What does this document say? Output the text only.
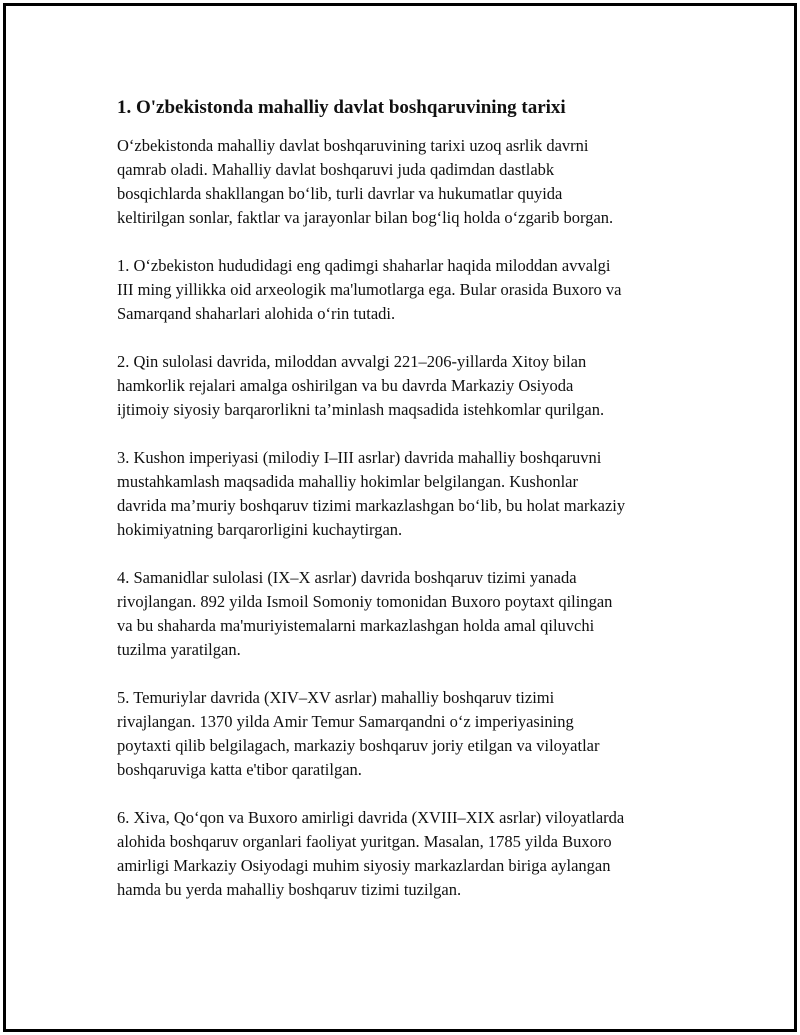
1. O'zbekistonda mahalliy davlat boshqaruvining tarixi

O‘zbekistonda mahalliy davlat boshqaruvining tarixi uzoq asrlik davrni
qamrab oladi. Mahalliy davlat boshqaruvi juda qadimdan dastlabk
bosqichlarda shakllangan bo‘lib, turli davrlar va hukumatlar quyida
keltirilgan sonlar, faktlar va jarayonlar bilan bog‘liq holda o‘zgarib borgan.

1. O‘zbekiston hududidagi eng qadimgi shaharlar haqida miloddan avvalgi
III ming yillikka oid arxeologik ma'lumotlarga ega. Bular orasida Buxoro va
Samarqand shaharlari alohida o‘rin tutadi.

2. Qin sulolasi davrida, miloddan avvalgi 221–206-yillarda Xitoy bilan
hamkorlik rejalari amalga oshirilgan va bu davrda Markaziy Osiyoda
ijtimoiy siyosiy barqarorlikni ta’minlash maqsadida istehkomlar qurilgan.

3. Kushon imperiyasi (milodiy I–III asrlar) davrida mahalliy boshqaruvni
mustahkamlash maqsadida mahalliy hokimlar belgilangan. Kushonlar
davrida ma’muriy boshqaruv tizimi markazlashgan bo‘lib, bu holat markaziy
hokimiyatning barqarorligini kuchaytirgan.

4. Samanidlar sulolasi (IX–X asrlar) davrida boshqaruv tizimi yanada
rivojlangan. 892 yilda Ismoil Somoniy tomonidan Buxoro poytaxt qilingan
va bu shaharda ma'muriyistemalarni markazlashgan holda amal qiluvchi
tuzilma yaratilgan.

5. Temuriylar davrida (XIV–XV asrlar) mahalliy boshqaruv tizimi
rivajlangan. 1370 yilda Amir Temur Samarqandni o‘z imperiyasining
poytaxti qilib belgilagach, markaziy boshqaruv joriy etilgan va viloyatlar
boshqaruviga katta e'tibor qaratilgan.

6. Xiva, Qo‘qon va Buxoro amirligi davrida (XVIII–XIX asrlar) viloyatlarda
alohida boshqaruv organlari faoliyat yuritgan. Masalan, 1785 yilda Buxoro
amirligi Markaziy Osiyodagi muhim siyosiy markazlardan biriga aylangan
hamda bu yerda mahalliy boshqaruv tizimi tuzilgan.
